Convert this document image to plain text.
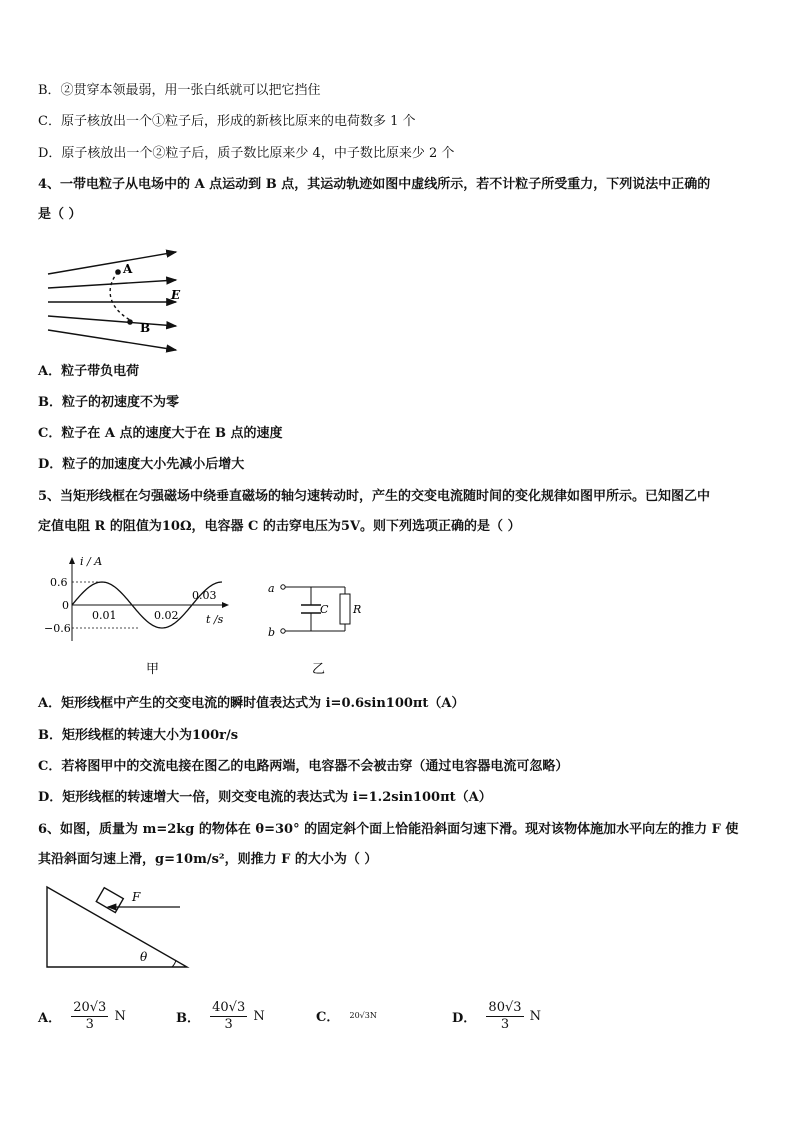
B．②贯穿本领最弱，用一张白纸就可以把它挡住
C．原子核放出一个①粒子后，形成的新核比原来的电荷数多 1 个
D．原子核放出一个②粒子后，质子数比原来少 4，中子数比原来少 2 个
4、一带电粒子从电场中的 A 点运动到 B 点，其运动轨迹如图中虚线所示，若不计粒子所受重力，下列说法中正确的
是（ ）
A
B
E
A．粒子带负电荷
B．粒子的初速度不为零
C．粒子在 A 点的速度大于在 B 点的速度
D．粒子的加速度大小先减小后增大
5、当矩形线框在匀强磁场中绕垂直磁场的轴匀速转动时，产生的交变电流随时间的变化规律如图甲所示。已知图乙中
定值电阻 R 的阻值为10Ω，电容器 C 的击穿电压为5V。则下列选项正确的是（ ）
i / A
t /s
0.6
0
−0.6
0.01	0.02
0.03
甲
a
b
C R
乙
A．矩形线框中产生的交变电流的瞬时值表达式为 i=0.6sin100πt（A）
B．矩形线框的转速大小为100r/s
C．若将图甲中的交流电接在图乙的电路两端，电容器不会被击穿（通过电容器电流可忽略）
D．矩形线框的转速增大一倍，则交变电流的表达式为 i=1.2sin100πt（A）
6、如图，质量为 m=2kg 的物体在 θ=30° 的固定斜个面上恰能沿斜面匀速下滑。现对该物体施加水平向左的推力 F 使
其沿斜面匀速上滑，g=10m/s²，则推力 F 的大小为（ ）
F
θ
A． $\frac{20√3}{3}$ N	B． $\frac{40√3}{3}$ N	C． 20√3N	D． $\frac{80√3}{3}$ N
